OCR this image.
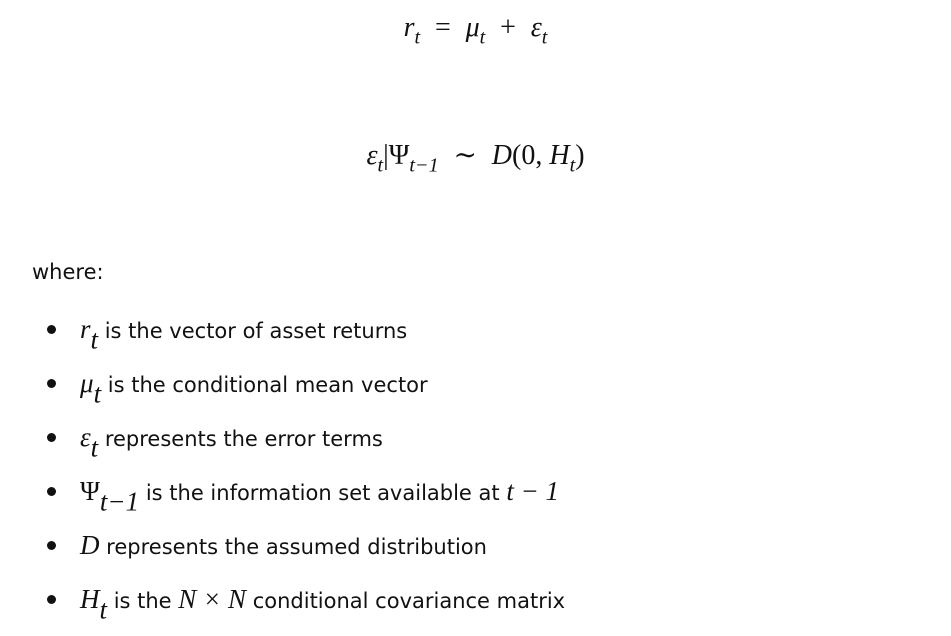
$r_t = \mu_t + \varepsilon_t$
$\varepsilon_t|\Psi_{t-1}$ ∼ D(0, $H_t$)

where:

rt is the vector of asset returns
μt is the conditional mean vector
εt represents the error terms
Ψt−1 is the information set available at t − 1
D represents the assumed distribution
Ht is the N × N conditional covariance matrix
